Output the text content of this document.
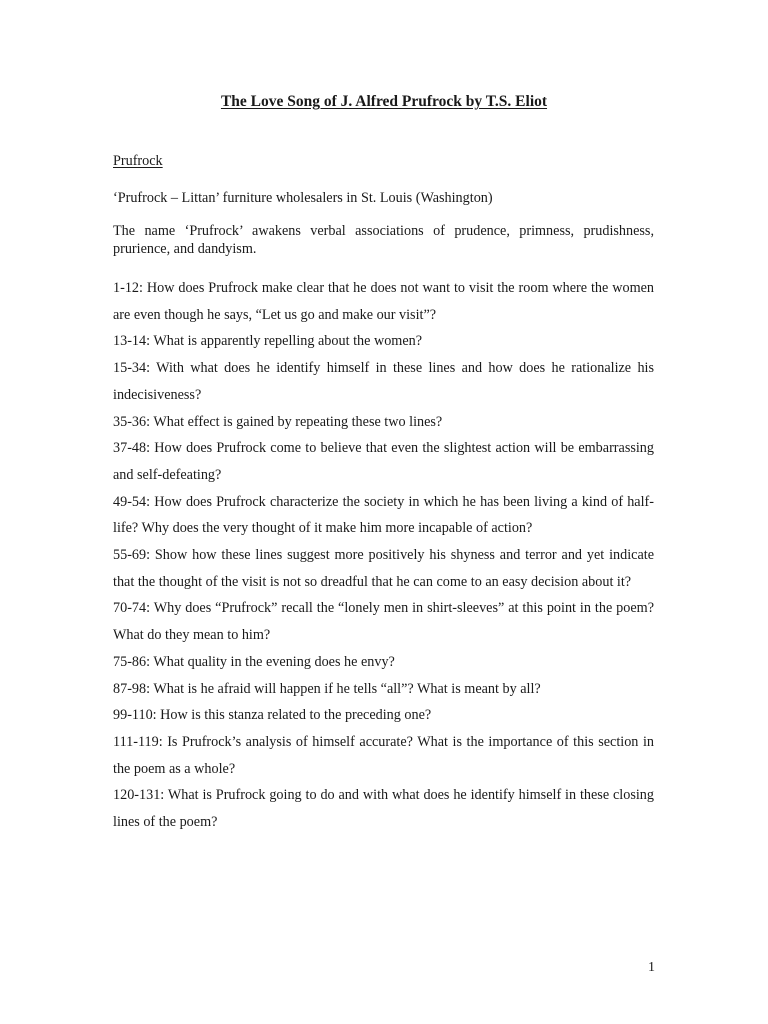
The Love Song of J. Alfred Prufrock by T.S. Eliot

Prufrock

‘Prufrock – Littan’ furniture wholesalers in St. Louis (Washington)

The name ‘Prufrock’ awakens verbal associations of prudence, primness, prudishness, prurience, and dandyism.

1-12: How does Prufrock make clear that he does not want to visit the room where the women are even though he says, “Let us go and make our visit”?

13-14: What is apparently repelling about the women?

15-34: With what does he identify himself in these lines and how does he rationalize his indecisiveness?

35-36: What effect is gained by repeating these two lines?

37-48: How does Prufrock come to believe that even the slightest action will be embarrassing and self-defeating?

49-54: How does Prufrock characterize the society in which he has been living a kind of half-life? Why does the very thought of it make him more incapable of action?

55-69: Show how these lines suggest more positively his shyness and terror and yet indicate that the thought of the visit is not so dreadful that he can come to an easy decision about it?

70-74: Why does “Prufrock” recall the “lonely men in shirt-sleeves” at this point in the poem? What do they mean to him?

75-86: What quality in the evening does he envy?

87-98: What is he afraid will happen if he tells “all”? What is meant by all?

99-110: How is this stanza related to the preceding one?

111-119: Is Prufrock’s analysis of himself accurate? What is the importance of this section in the poem as a whole?

120-131: What is Prufrock going to do and with what does he identify himself in these closing lines of the poem?

1
